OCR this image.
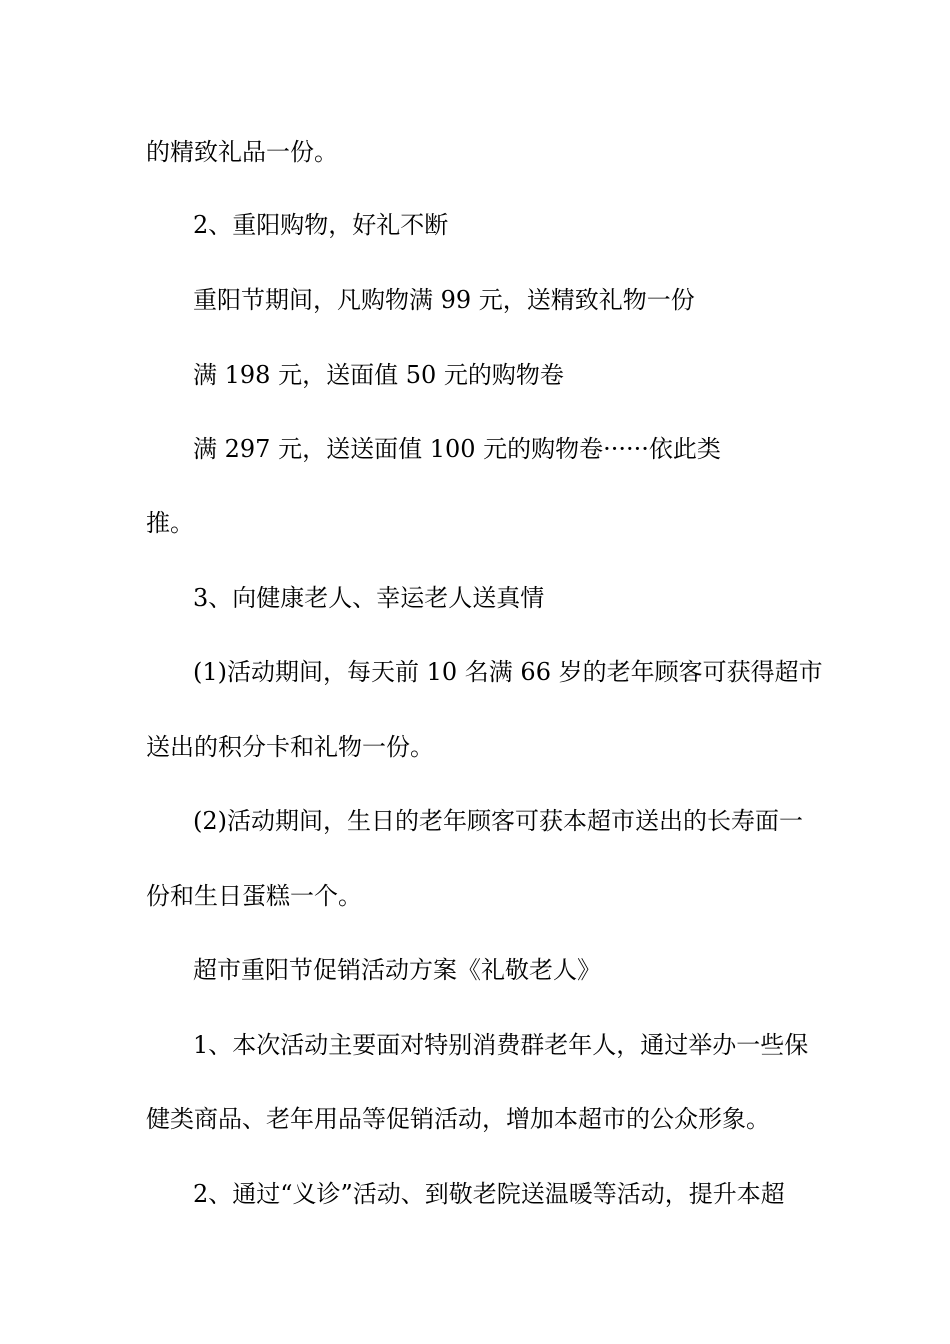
的精致礼品一份。
2、重阳购物，好礼不断
重阳节期间，凡购物满 99 元，送精致礼物一份
满 198 元，送面值 50 元的购物卷
满 297 元，送送面值 100 元的购物卷······依此类
推。
3、向健康老人、幸运老人送真情
(1)活动期间，每天前 10 名满 66 岁的老年顾客可获得超市
送出的积分卡和礼物一份。
(2)活动期间，生日的老年顾客可获本超市送出的长寿面一
份和生日蛋糕一个。
超市重阳节促销活动方案《礼敬老人》
1、本次活动主要面对特别消费群老年人，通过举办一些保
健类商品、老年用品等促销活动，增加本超市的公众形象。
2、通过“义诊”活动、到敬老院送温暖等活动，提升本超
